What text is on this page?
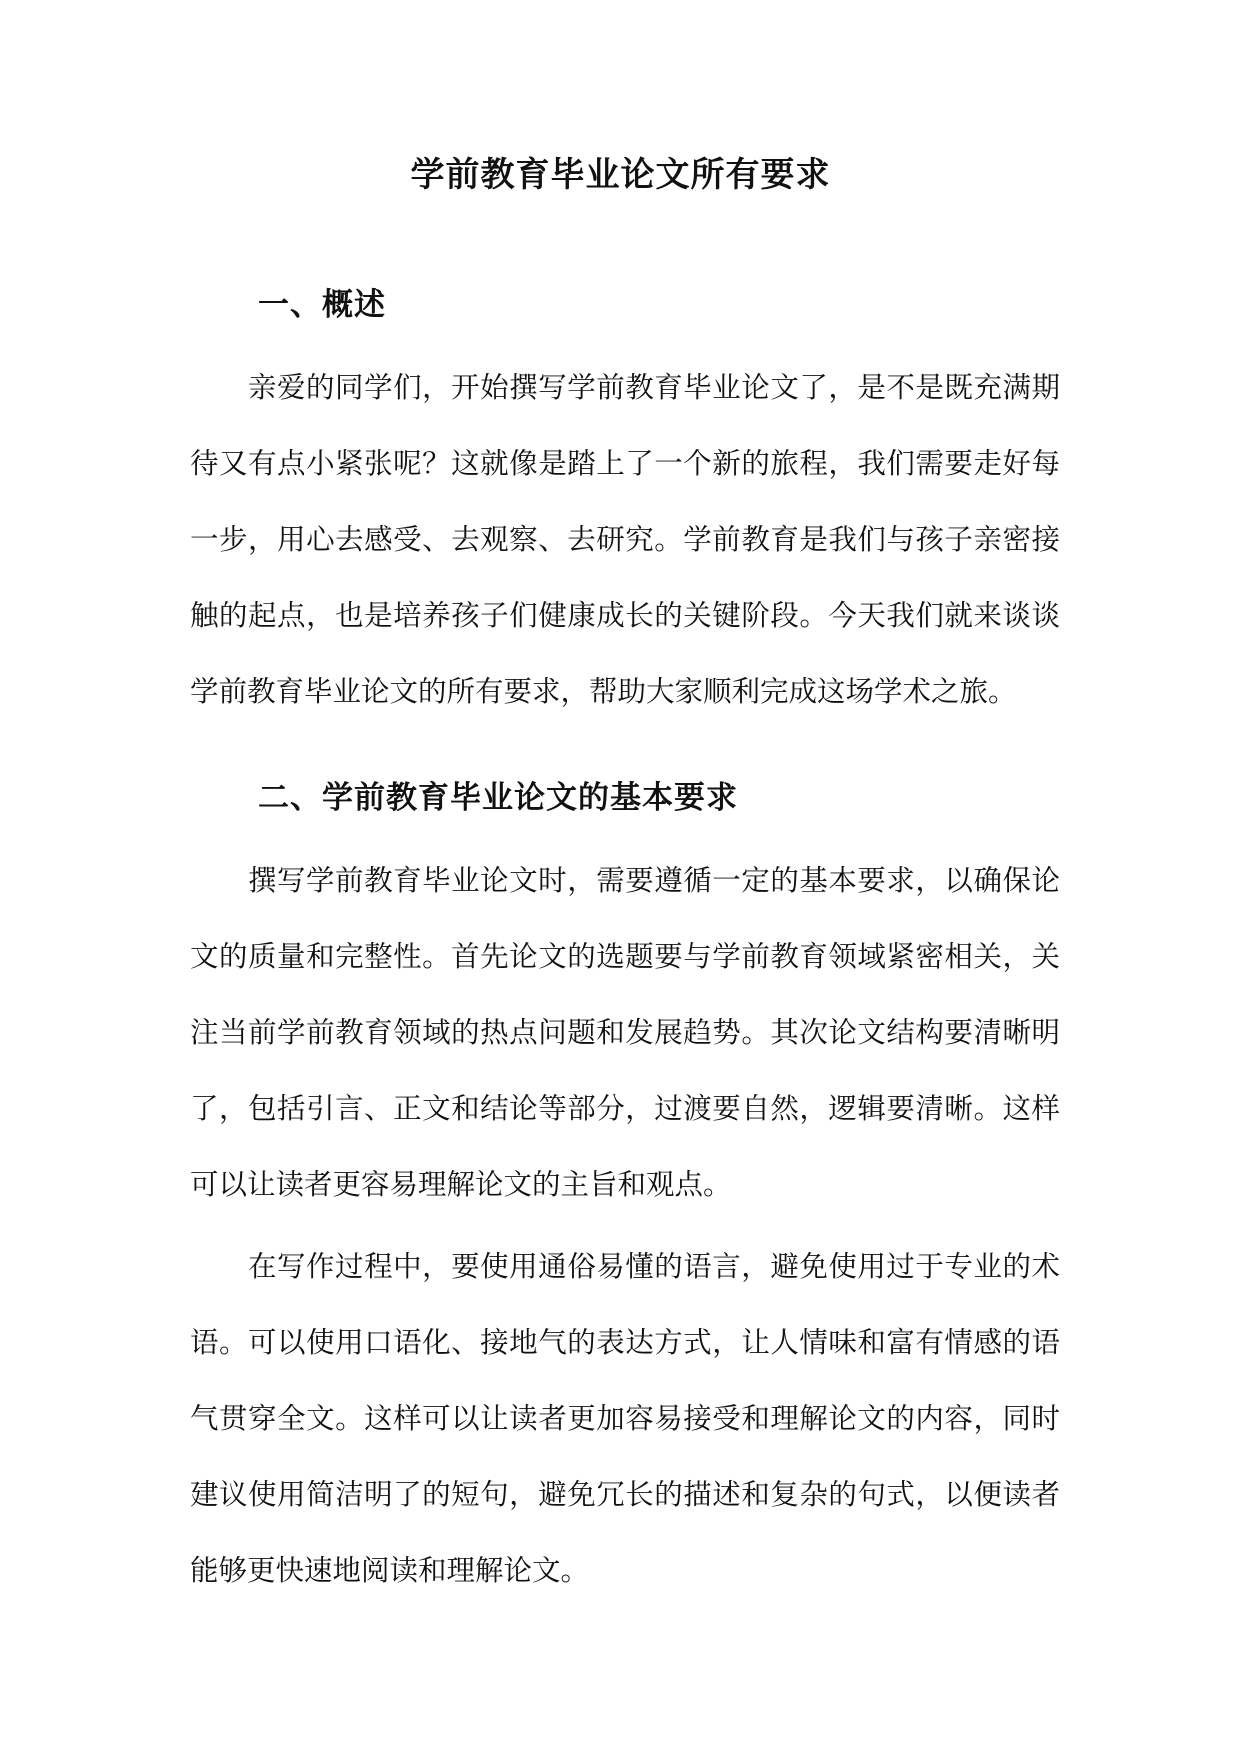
学前教育毕业论文所有要求
一、概述
亲爱的同学们，开始撰写学前教育毕业论文了，是不是既充满期
待又有点小紧张呢？这就像是踏上了一个新的旅程，我们需要走好每
一步，用心去感受、去观察、去研究。学前教育是我们与孩子亲密接
触的起点，也是培养孩子们健康成长的关键阶段。今天我们就来谈谈
学前教育毕业论文的所有要求，帮助大家顺利完成这场学术之旅。
二、学前教育毕业论文的基本要求
撰写学前教育毕业论文时，需要遵循一定的基本要求，以确保论
文的质量和完整性。首先论文的选题要与学前教育领域紧密相关，关
注当前学前教育领域的热点问题和发展趋势。其次论文结构要清晰明
了，包括引言、正文和结论等部分，过渡要自然，逻辑要清晰。这样
可以让读者更容易理解论文的主旨和观点。
在写作过程中，要使用通俗易懂的语言，避免使用过于专业的术
语。可以使用口语化、接地气的表达方式，让人情味和富有情感的语
气贯穿全文。这样可以让读者更加容易接受和理解论文的内容，同时
建议使用简洁明了的短句，避免冗长的描述和复杂的句式，以便读者
能够更快速地阅读和理解论文。
